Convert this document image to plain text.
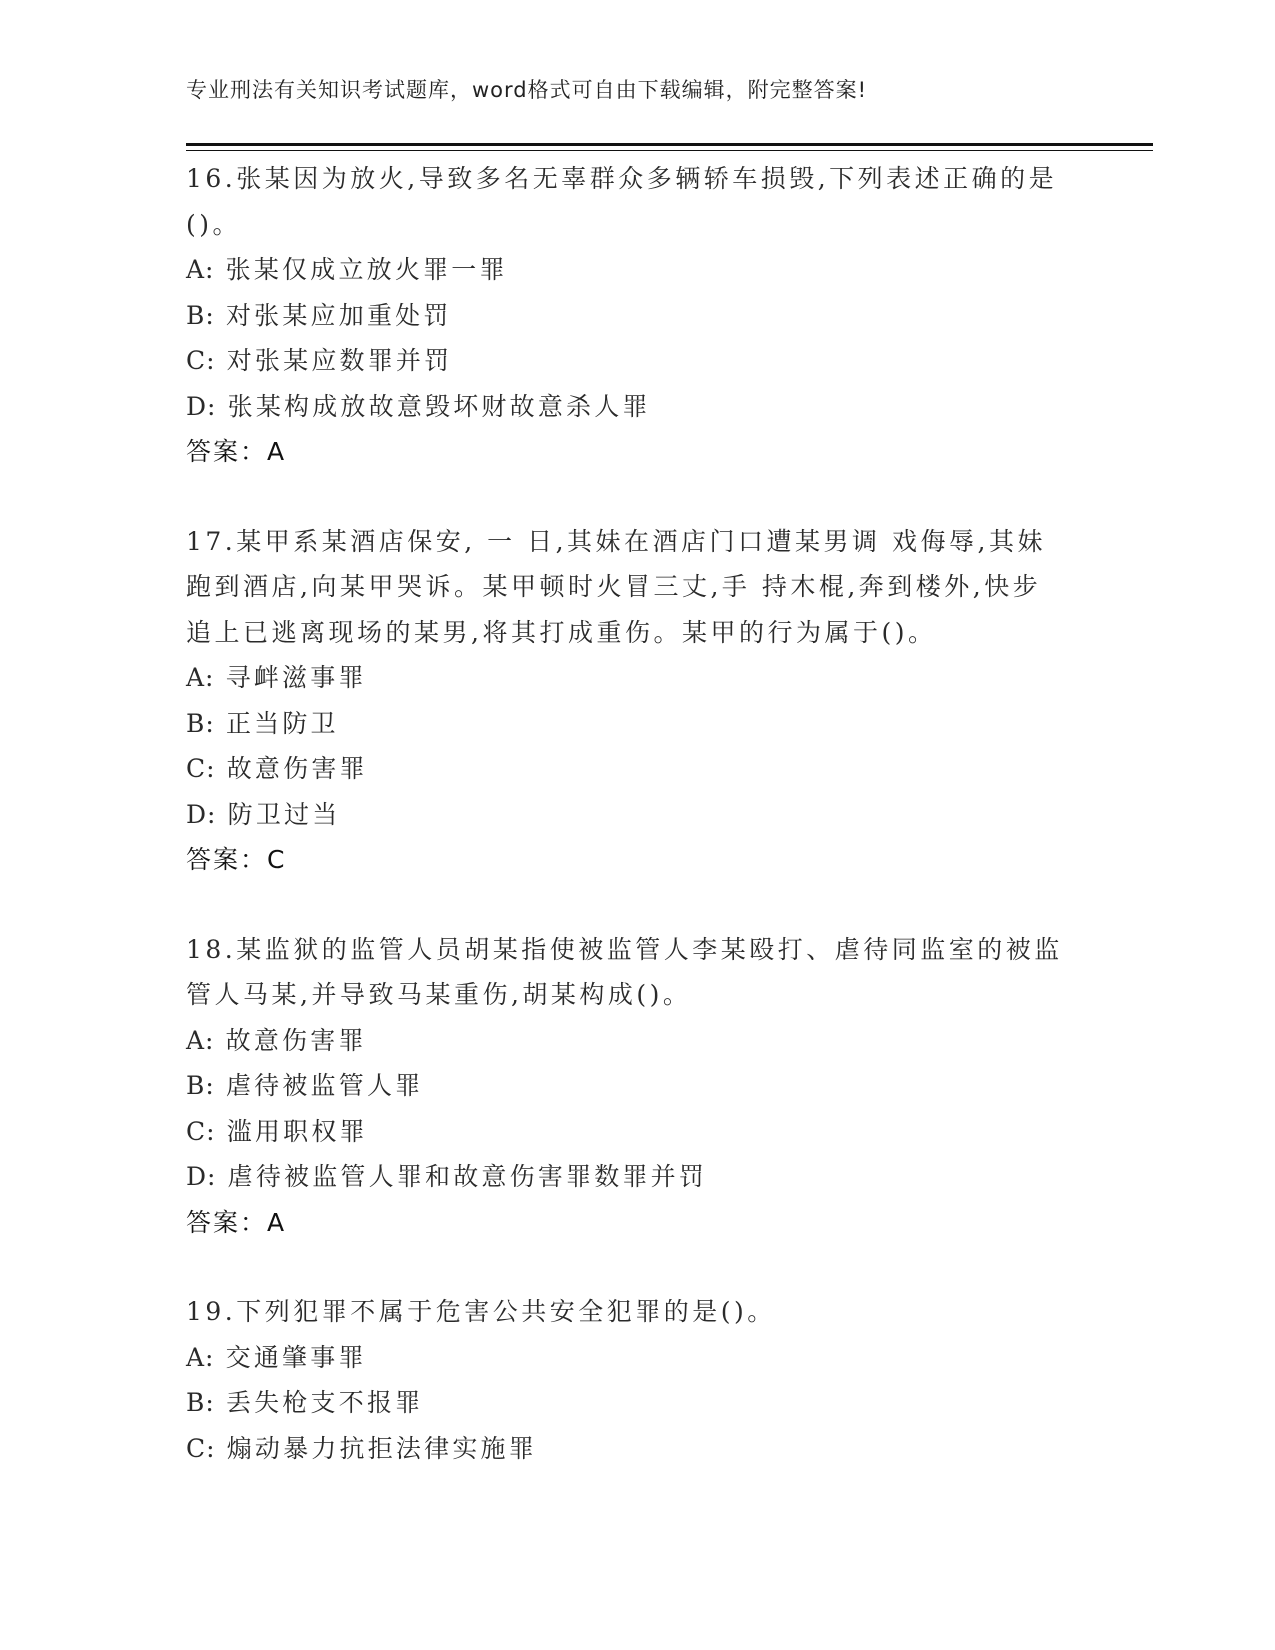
专业刑法有关知识考试题库，word格式可自由下载编辑，附完整答案!
16.张某因为放火,导致多名无辜群众多辆轿车损毁,下列表述正确的是
()。
A: 张某仅成立放火罪一罪
B: 对张某应加重处罚
C: 对张某应数罪并罚
D: 张某构成放故意毁坏财故意杀人罪
答案：A
17.某甲系某酒店保安, 一 日,其妹在酒店门口遭某男调 戏侮辱,其妹
跑到酒店,向某甲哭诉。某甲顿时火冒三丈,手 持木棍,奔到楼外,快步
追上已逃离现场的某男,将其打成重伤。某甲的行为属于()。
A: 寻衅滋事罪
B: 正当防卫
C: 故意伤害罪
D: 防卫过当
答案：C
18.某监狱的监管人员胡某指使被监管人李某殴打、虐待同监室的被监
管人马某,并导致马某重伤,胡某构成()。
A: 故意伤害罪
B: 虐待被监管人罪
C: 滥用职权罪
D: 虐待被监管人罪和故意伤害罪数罪并罚
答案：A
19.下列犯罪不属于危害公共安全犯罪的是()。
A: 交通肇事罪
B: 丢失枪支不报罪
C: 煽动暴力抗拒法律实施罪
